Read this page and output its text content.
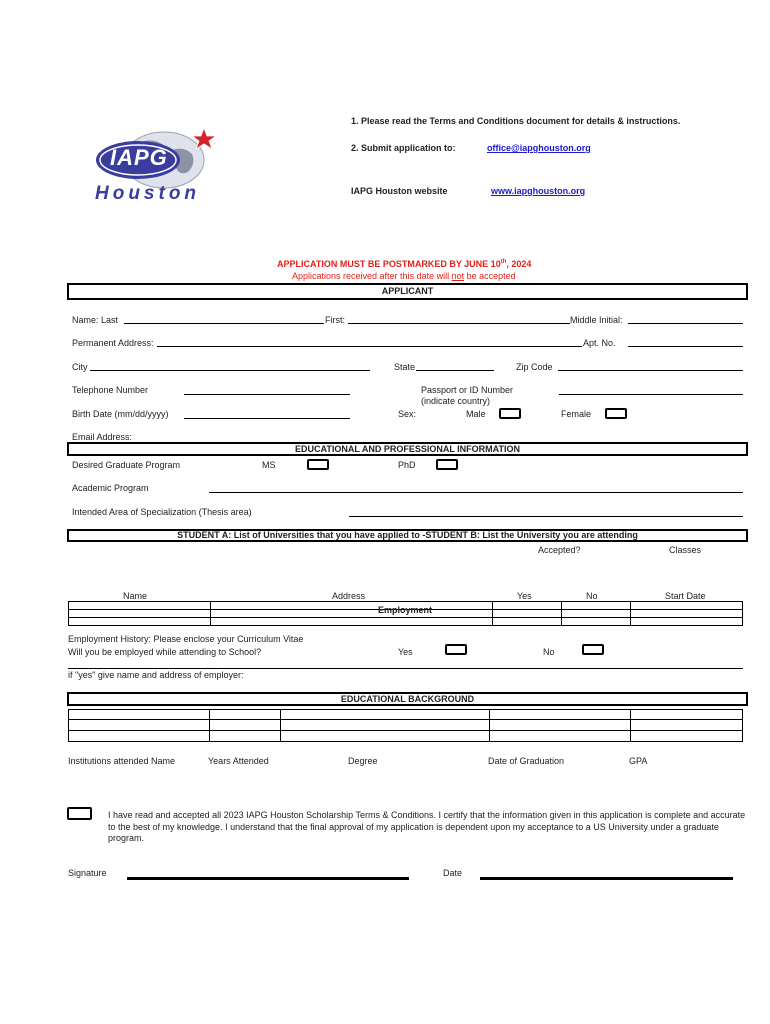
IAPG
Houston
1. Please read the Terms and Conditions document for details & instructions.
2. Submit application to:	office@iapghouston.org
IAPG Houston website	www.iapghouston.org
APPLICATION MUST BE POSTMARKED BY JUNE 10th, 2024
Applications received after this date will not be accepted
APPLICANT
Name: Last	First:	Middle Initial:
Permanent Address:	Apt. No.
City	State	Zip Code
Telephone Number	Passport or ID Number
(indicate country)
Birth Date (mm/dd/yyyy)	Sex:	Male	Female
Email Address:
EDUCATIONAL AND PROFESSIONAL INFORMATION
Desired Graduate Program	MS	PhD
Academic Program
Intended Area of Specialization (Thesis area)
STUDENT A: List of Universities that you have applied to -STUDENT B: List the University you are attending
Accepted?	Classes
Name	Address	Yes	No	Start Date

Employment
Employment History: Please enclose your Curriculum Vitae
Will you be employed while attending to School?	Yes	No
if "yes" give name and address of employer:
EDUCATIONAL BACKGROUND

Institutions attended Name	Years Attended	Degree	Date of Graduation	GPA
I have read and accepted all 2023 IAPG Houston Scholarship Terms & Conditions. I certify that the information given in this application is complete and accurate to the best of my knowledge. I understand that the final approval of my application is dependent upon my acceptance to a US University under a graduate program.
Signature	Date
